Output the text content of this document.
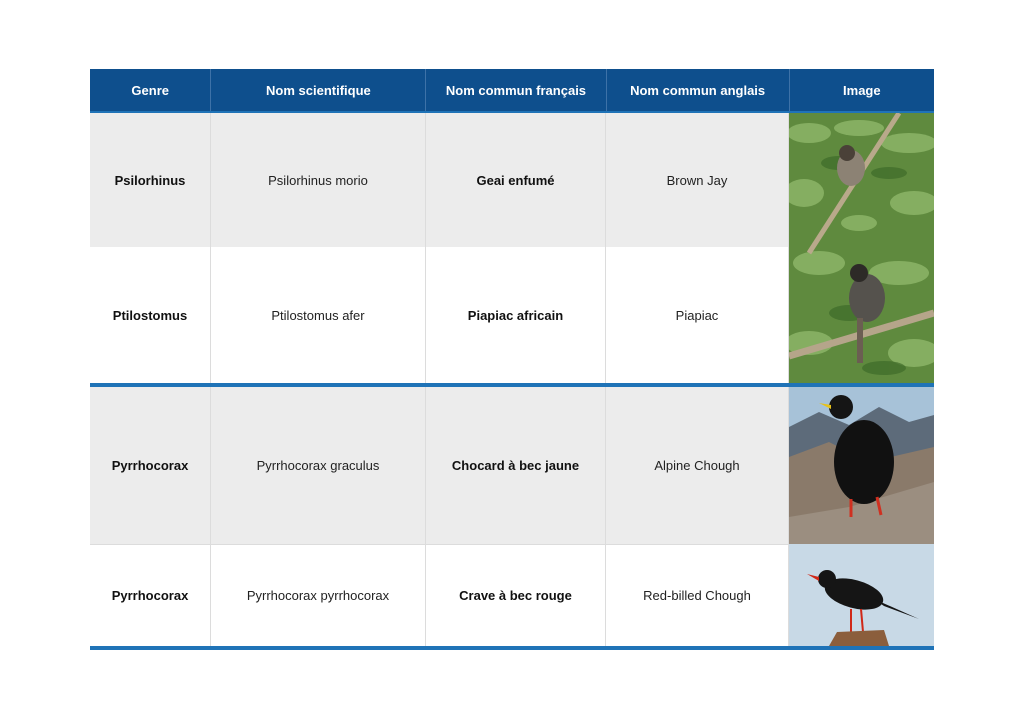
Genre	Nom scientifique	Nom commun français	Nom commun anglais	Image
Psilorhinus	Psilorhinus morio	Geai enfumé	Brown Jay
Ptilostomus	Ptilostomus afer	Piapiac africain	Piapiac
Pyrrhocorax	Pyrrhocorax graculus	Chocard à bec jaune	Alpine Chough
Pyrrhocorax	Pyrrhocorax pyrrhocorax	Crave à bec rouge	Red-billed Chough
